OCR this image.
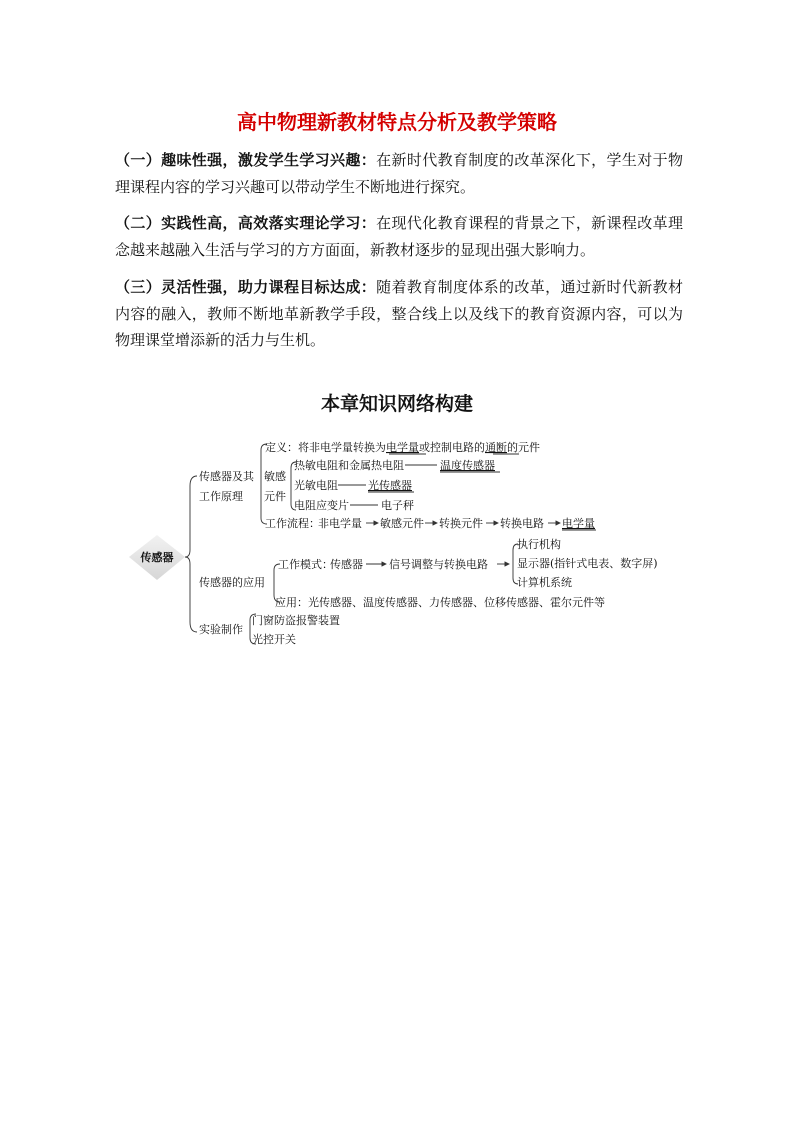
高中物理新教材特点分析及教学策略

（一）趣味性强，激发学生学习兴趣：在新时代教育制度的改革深化下，学生对于物理课程内容的学习兴趣可以带动学生不断地进行探究。

（二）实践性高，高效落实理论学习：在现代化教育课程的背景之下，新课程改革理念越来越融入生活与学习的方方面面，新教材逐步的显现出强大影响力。

（三）灵活性强，助力课程目标达成：随着教育制度体系的改革，通过新时代新教材内容的融入，教师不断地革新教学手段，整合线上以及线下的教育资源内容，可以为物理课堂增添新的活力与生机。

本章知识网络构建
传感器
传感器及其
工作原理
定义：将非电学量转换为电学量或控制电路的通断的元件
敏感
元件
热敏电阻和金属热电阻	温度传感器
光敏电阻	光传感器
电阻应变片	电子秤
工作流程：
非电学量 敏感元件 转换元件 转换电路 电学量
传感器的应用
工作模式：
传感器 信号调整与转换电路
执行机构
显示器(指针式电表、数字屏)
计算机系统
应用：光传感器、温度传感器、力传感器、位移传感器、霍尔元件等
实验制作
门窗防盗报警装置
光控开关
